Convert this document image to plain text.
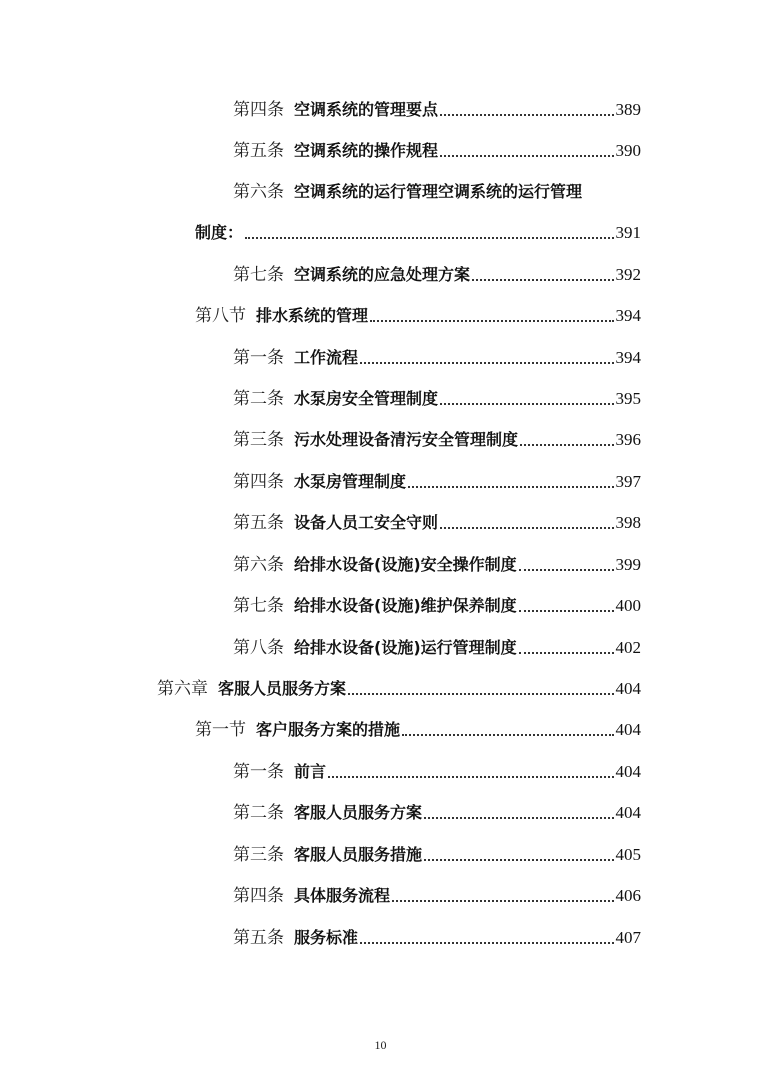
第四条 空调系统的管理要点	389
第五条 空调系统的操作规程	390
第六条 空调系统的运行管理空调系统的运行管理
制度：	391
第七条 空调系统的应急处理方案	392
第八节 排水系统的管理	394
第一条 工作流程	394
第二条 水泵房安全管理制度	395
第三条 污水处理设备清污安全管理制度	396
第四条 水泵房管理制度	397
第五条 设备人员工安全守则	398
第六条 给排水设备(设施)安全操作制度	399
第七条 给排水设备(设施)维护保养制度	400
第八条 给排水设备(设施)运行管理制度	402
第六章 客服人员服务方案	404
第一节 客户服务方案的措施	404
第一条 前言	404
第二条 客服人员服务方案	404
第三条 客服人员服务措施	405
第四条 具体服务流程	406
第五条 服务标准	407
10
